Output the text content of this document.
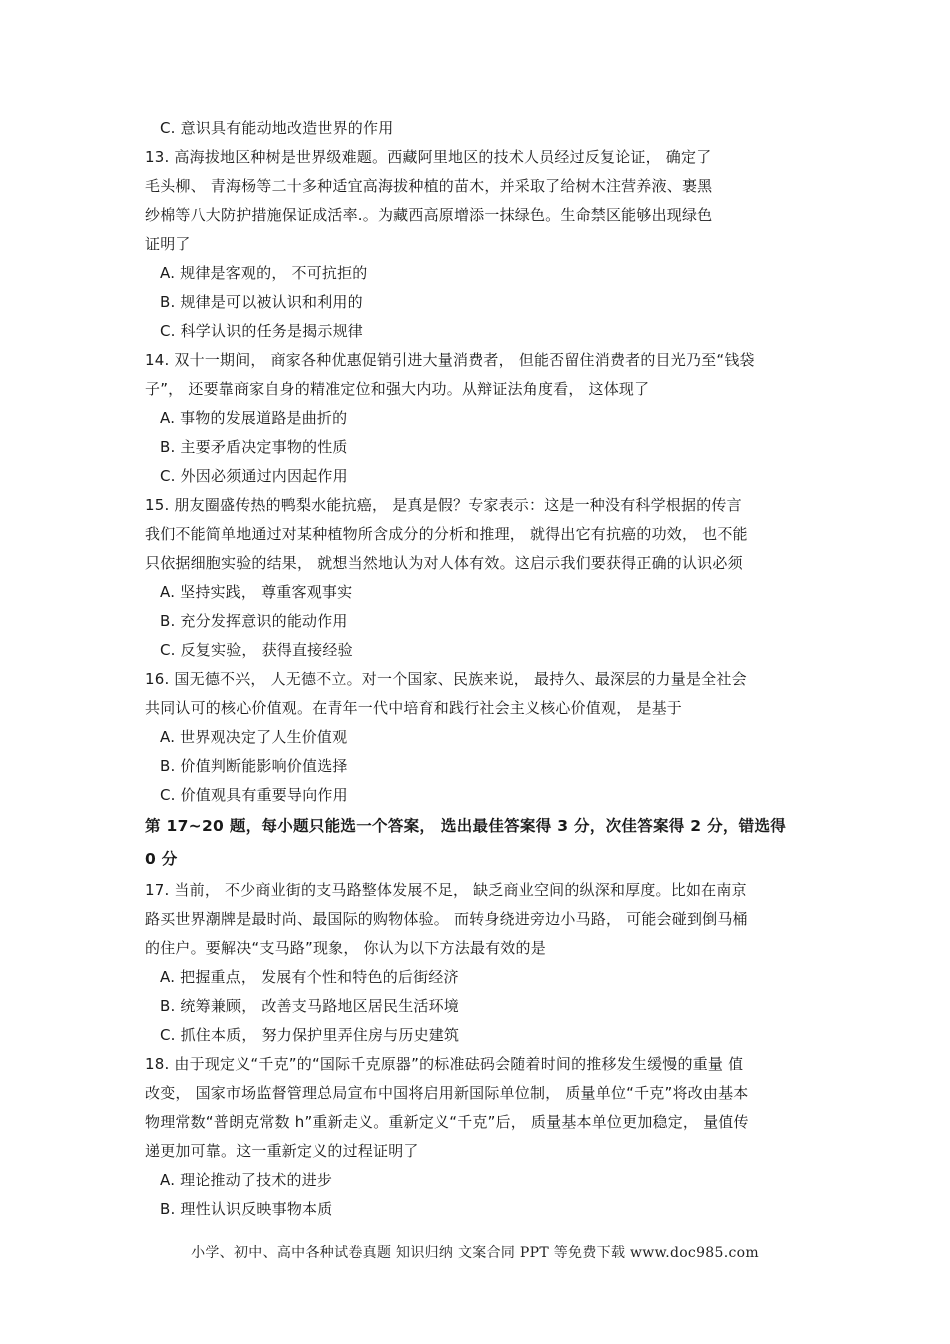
C. 意识具有能动地改造世界的作用
13. 高海拔地区种树是世界级难题。西藏阿里地区的技术人员经过反复论证， 确定了
毛头柳、 青海杨等二十多种适宜高海拔种植的苗木，并采取了给树木注营养液、裹黑
纱棉等八大防护措施保证成活率.。为藏西高原增添一抹绿色。生命禁区能够出现绿色
证明了
A. 规律是客观的， 不可抗拒的
B. 规律是可以被认识和利用的
C. 科学认识的任务是揭示规律
14. 双十一期间， 商家各种优惠促销引进大量消费者， 但能否留住消费者的目光乃至“钱袋
子”， 还要靠商家自身的精准定位和强大内功。从辩证法角度看， 这体现了
A. 事物的发展道路是曲折的
B. 主要矛盾决定事物的性质
C. 外因必须通过内因起作用
15. 朋友圈盛传热的鸭梨水能抗癌， 是真是假？专家表示：这是一种没有科学根据的传言
我们不能简单地通过对某种植物所含成分的分析和推理， 就得出它有抗癌的功效， 也不能
只依据细胞实验的结果， 就想当然地认为对人体有效。这启示我们要获得正确的认识必须
A. 坚持实践， 尊重客观事实
B. 充分发挥意识的能动作用
C. 反复实验， 获得直接经验
16. 国无德不兴， 人无德不立。对一个国家、民族来说， 最持久、最深层的力量是全社会
共同认可的核心价值观。在青年一代中培育和践行社会主义核心价值观， 是基于
A. 世界观决定了人生价值观
B. 价值判断能影响价值选择
C. 价值观具有重要导向作用
第 17~20 题，每小题只能选一个答案， 选出最佳答案得 3 分，次佳答案得 2 分，错选得
0 分
17. 当前， 不少商业街的支马路整体发展不足， 缺乏商业空间的纵深和厚度。比如在南京
路买世界潮牌是最时尚、最国际的购物体验。 而转身绕进旁边小马路， 可能会碰到倒马桶
的住户。要解决“支马路”现象， 你认为以下方法最有效的是
A. 把握重点， 发展有个性和特色的后街经济
B. 统筹兼顾， 改善支马路地区居民生活环境
C. 抓住本质， 努力保护里弄住房与历史建筑
18. 由于现定义“千克”的“国际千克原器”的标准砝码会随着时间的推移发生缓慢的重量 值
改变， 国家市场监督管理总局宣布中国将启用新国际单位制， 质量单位“千克”将改由基本
物理常数“普朗克常数 h”重新走义。重新定义“千克”后， 质量基本单位更加稳定， 量值传
递更加可靠。这一重新定义的过程证明了
A. 理论推动了技术的进步
B. 理性认识反映事物本质
小学、初中、高中各种试卷真题 知识归纳 文案合同 PPT 等免费下载 www.doc985.com
